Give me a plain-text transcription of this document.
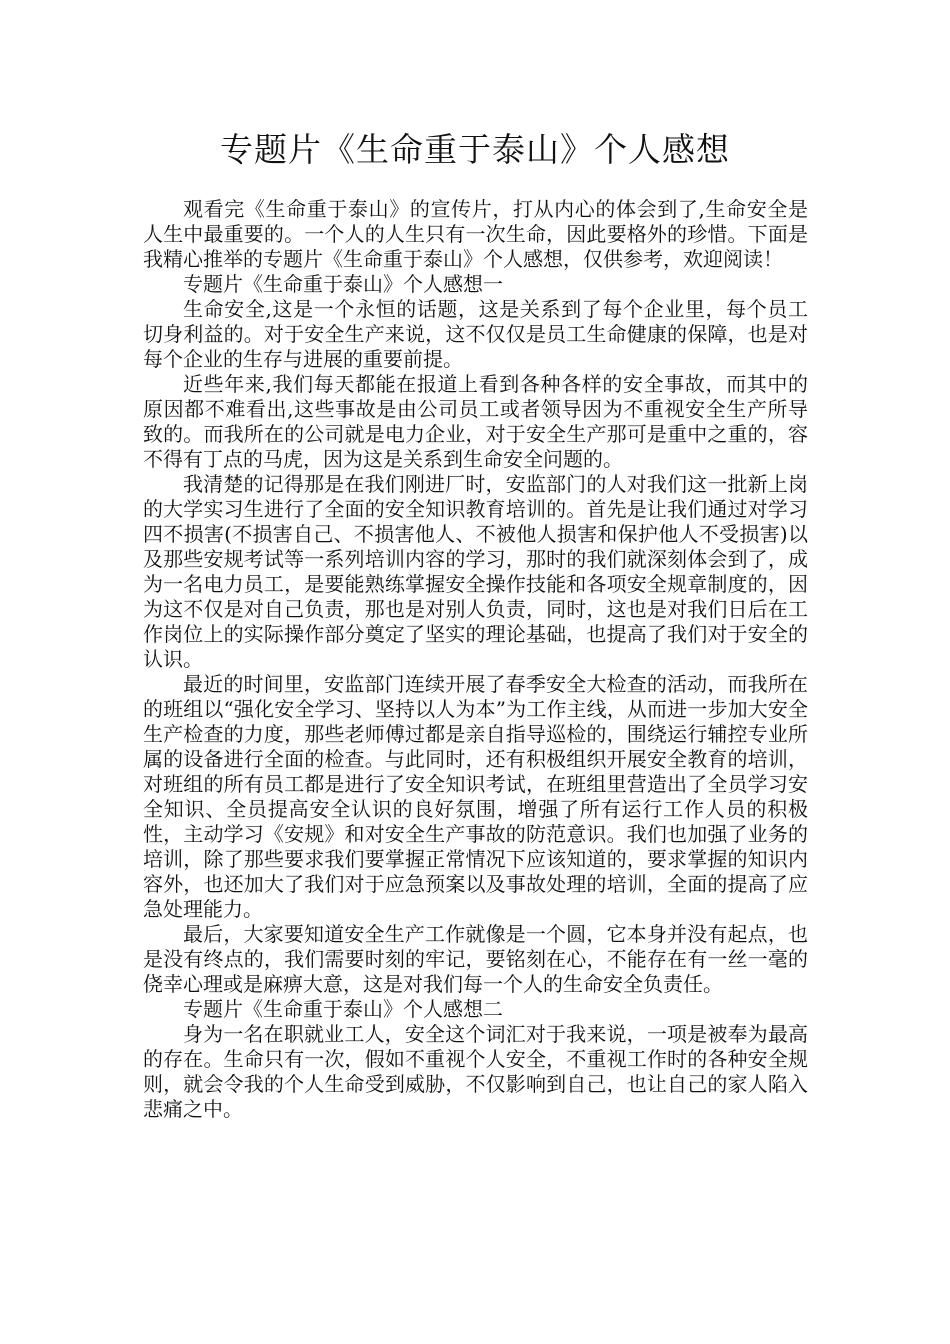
专题片《生命重于泰山》个人感想

观看完《生命重于泰山》的宣传片，打从内心的体会到了,生命安全是人生中最重要的。一个人的人生只有一次生命，因此要格外的珍惜。下面是我精心推举的专题片《生命重于泰山》个人感想，仅供参考，欢迎阅读！

专题片《生命重于泰山》个人感想一

生命安全,这是一个永恒的话题，这是关系到了每个企业里，每个员工切身利益的。对于安全生产来说，这不仅仅是员工生命健康的保障，也是对每个企业的生存与进展的重要前提。

近些年来,我们每天都能在报道上看到各种各样的安全事故，而其中的原因都不难看出,这些事故是由公司员工或者领导因为不重视安全生产所导致的。而我所在的公司就是电力企业，对于安全生产那可是重中之重的，容不得有丁点的马虎，因为这是关系到生命安全问题的。

我清楚的记得那是在我们刚进厂时，安监部门的人对我们这一批新上岗的大学实习生进行了全面的安全知识教育培训的。首先是让我们通过对学习四不损害(不损害自己、不损害他人、不被他人损害和保护他人不受损害)以及那些安规考试等一系列培训内容的学习，那时的我们就深刻体会到了，成为一名电力员工，是要能熟练掌握安全操作技能和各项安全规章制度的，因为这不仅是对自己负责，那也是对别人负责，同时，这也是对我们日后在工作岗位上的实际操作部分奠定了坚实的理论基础，也提高了我们对于安全的认识。

最近的时间里，安监部门连续开展了春季安全大检查的活动，而我所在的班组以“强化安全学习、坚持以人为本”为工作主线，从而进一步加大安全生产检查的力度，那些老师傅过都是亲自指导巡检的，围绕运行辅控专业所属的设备进行全面的检查。与此同时，还有积极组织开展安全教育的培训，对班组的所有员工都是进行了安全知识考试，在班组里营造出了全员学习安全知识、全员提高安全认识的良好氛围，增强了所有运行工作人员的积极性，主动学习《安规》和对安全生产事故的防范意识。我们也加强了业务的培训，除了那些要求我们要掌握正常情况下应该知道的，要求掌握的知识内容外，也还加大了我们对于应急预案以及事故处理的培训，全面的提高了应急处理能力。

最后，大家要知道安全生产工作就像是一个圆，它本身并没有起点，也是没有终点的，我们需要时刻的牢记，要铭刻在心，不能存在有一丝一毫的侥幸心理或是麻痹大意，这是对我们每一个人的生命安全负责任。

专题片《生命重于泰山》个人感想二

身为一名在职就业工人，安全这个词汇对于我来说，一项是被奉为最高的存在。生命只有一次，假如不重视个人安全，不重视工作时的各种安全规则，就会令我的个人生命受到威胁，不仅影响到自己，也让自己的家人陷入悲痛之中。
